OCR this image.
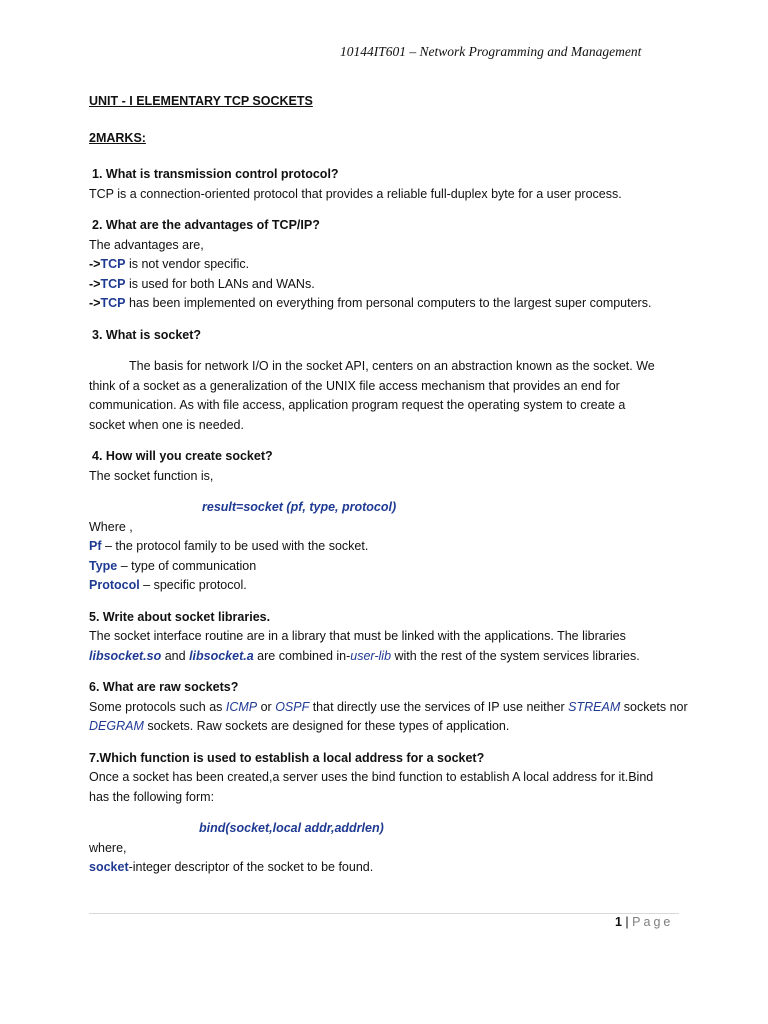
10144IT601 – Network Programming and Management

UNIT - I ELEMENTARY TCP SOCKETS

2MARKS:

1. What is transmission control protocol?

TCP is a connection-oriented protocol that provides a reliable full-duplex byte for a user process.

2. What are the advantages of TCP/IP?

The advantages are,

->TCP is not vendor specific.

->TCP is used for both LANs and WANs.

->TCP has been implemented on everything from personal computers to the largest super computers.

3. What is socket?

The basis for network I/O in the socket API, centers on an abstraction known as the socket. We

think of a socket as a generalization of the UNIX file access mechanism that provides an end for

communication. As with file access, application program request the operating system to create a

socket when one is needed.

4. How will you create socket?

The socket function is,

result=socket (pf, type, protocol)

Where ,

Pf – the protocol family to be used with the socket.

Type – type of communication

Protocol – specific protocol.

5. Write about socket libraries.

The socket interface routine are in a library that must be linked with the applications. The libraries

libsocket.so and libsocket.a are combined in-user-lib with the rest of the system services libraries.

6. What are raw sockets?

Some protocols such as ICMP or OSPF that directly use the services of IP use neither STREAM sockets nor

DEGRAM sockets. Raw sockets are designed for these types of application.

7.Which function is used to establish a local address for a socket?

Once a socket has been created,a server uses the bind function to establish A local address for it.Bind

has the following form:

bind(socket,local addr,addrlen)

where,

socket-integer descriptor of the socket to be found.

1 | Page
